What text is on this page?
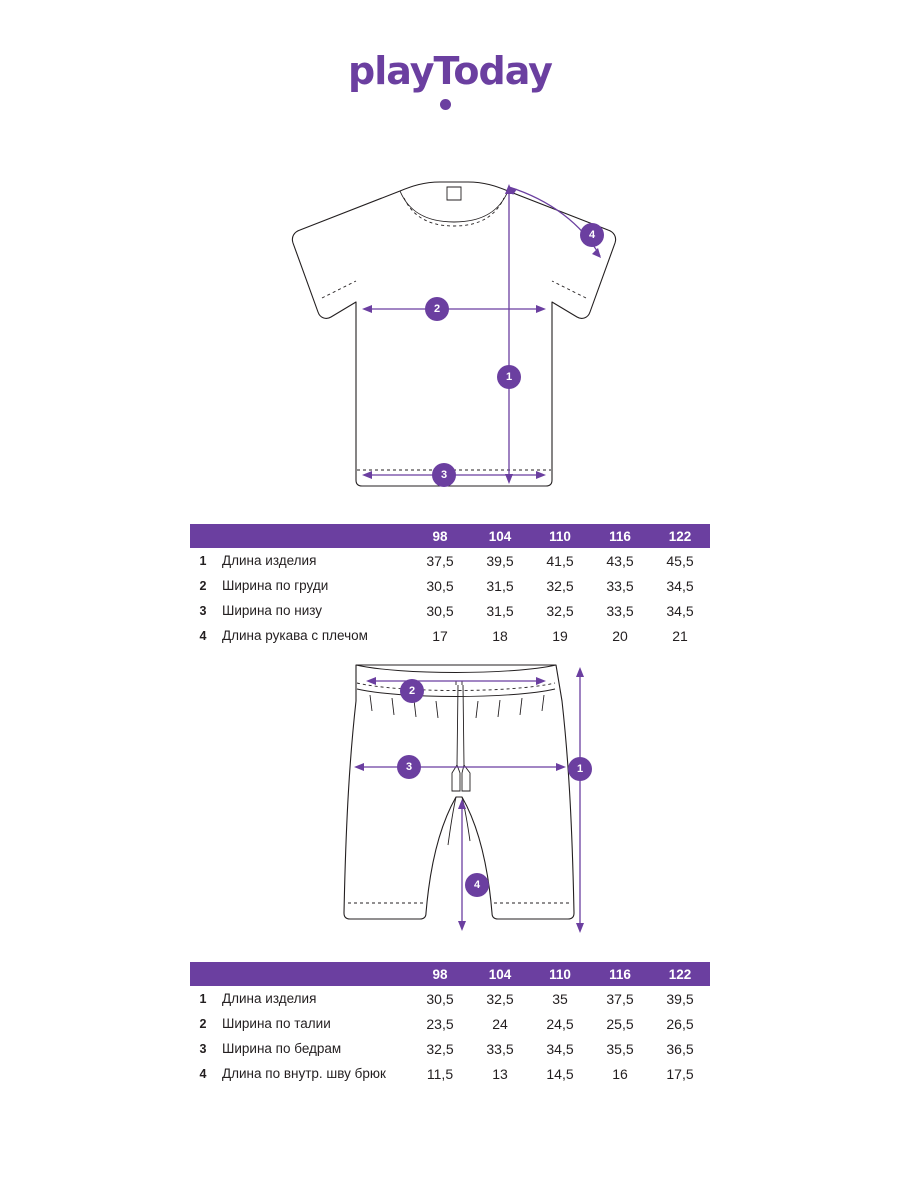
playToday
4
2
1
3
		98	104	110	116	122
1	Длина изделия	37,5	39,5	41,5	43,5	45,5
2	Ширина по груди	30,5	31,5	32,5	33,5	34,5
3	Ширина по низу	30,5	31,5	32,5	33,5	34,5
4	Длина рукава с плечом	17	18	19	20	21
2
3	1
4
		98	104	110	116	122
1	Длина изделия	30,5	32,5	35	37,5	39,5
2	Ширина по талии	23,5	24	24,5	25,5	26,5
3	Ширина по бедрам	32,5	33,5	34,5	35,5	36,5
4	Длина по внутр. шву брюк	11,5	13	14,5	16	17,5
